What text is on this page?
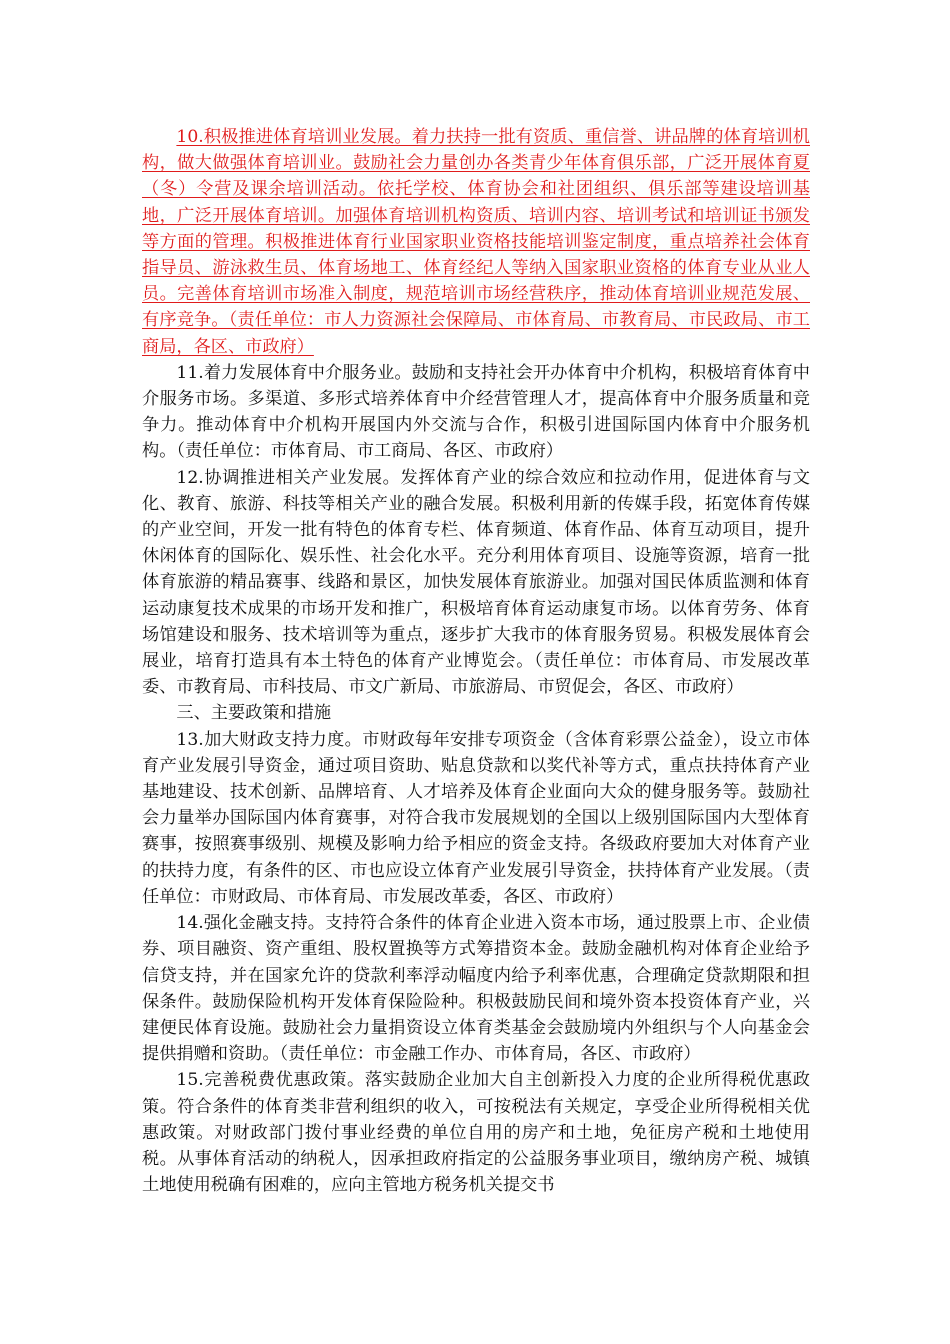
10.积极推进体育培训业发展。着力扶持一批有资质、重信誉、讲品牌的体育培训机构，做大做强体育培训业。鼓励社会力量创办各类青少年体育俱乐部，广泛开展体育夏（冬）令营及课余培训活动。依托学校、体育协会和社团组织、俱乐部等建设培训基地，广泛开展体育培训。加强体育培训机构资质、培训内容、培训考试和培训证书颁发等方面的管理。积极推进体育行业国家职业资格技能培训鉴定制度，重点培养社会体育指导员、游泳救生员、体育场地工、体育经纪人等纳入国家职业资格的体育专业从业人员。完善体育培训市场准入制度，规范培训市场经营秩序，推动体育培训业规范发展、有序竞争。（责任单位：市人力资源社会保障局、市体育局、市教育局、市民政局、市工商局，各区、市政府）

11.着力发展体育中介服务业。鼓励和支持社会开办体育中介机构，积极培育体育中介服务市场。多渠道、多形式培养体育中介经营管理人才，提高体育中介服务质量和竞争力。推动体育中介机构开展国内外交流与合作，积极引进国际国内体育中介服务机构。（责任单位：市体育局、市工商局、各区、市政府）

12.协调推进相关产业发展。发挥体育产业的综合效应和拉动作用，促进体育与文化、教育、旅游、科技等相关产业的融合发展。积极利用新的传媒手段，拓宽体育传媒的产业空间，开发一批有特色的体育专栏、体育频道、体育作品、体育互动项目，提升休闲体育的国际化、娱乐性、社会化水平。充分利用体育项目、设施等资源，培育一批体育旅游的精品赛事、线路和景区，加快发展体育旅游业。加强对国民体质监测和体育运动康复技术成果的市场开发和推广，积极培育体育运动康复市场。以体育劳务、体育场馆建设和服务、技术培训等为重点，逐步扩大我市的体育服务贸易。积极发展体育会展业，培育打造具有本土特色的体育产业博览会。（责任单位：市体育局、市发展改革委、市教育局、市科技局、市文广新局、市旅游局、市贸促会，各区、市政府）

三、主要政策和措施

13.加大财政支持力度。市财政每年安排专项资金（含体育彩票公益金），设立市体育产业发展引导资金，通过项目资助、贴息贷款和以奖代补等方式，重点扶持体育产业基地建设、技术创新、品牌培育、人才培养及体育企业面向大众的健身服务等。鼓励社会力量举办国际国内体育赛事，对符合我市发展规划的全国以上级别国际国内大型体育赛事，按照赛事级别、规模及影响力给予相应的资金支持。各级政府要加大对体育产业的扶持力度，有条件的区、市也应设立体育产业发展引导资金，扶持体育产业发展。（责任单位：市财政局、市体育局、市发展改革委，各区、市政府）

14.强化金融支持。支持符合条件的体育企业进入资本市场，通过股票上市、企业债券、项目融资、资产重组、股权置换等方式筹措资本金。鼓励金融机构对体育企业给予信贷支持，并在国家允许的贷款利率浮动幅度内给予利率优惠，合理确定贷款期限和担保条件。鼓励保险机构开发体育保险险种。积极鼓励民间和境外资本投资体育产业，兴建便民体育设施。鼓励社会力量捐资设立体育类基金会鼓励境内外组织与个人向基金会提供捐赠和资助。（责任单位：市金融工作办、市体育局，各区、市政府）

15.完善税费优惠政策。落实鼓励企业加大自主创新投入力度的企业所得税优惠政策。符合条件的体育类非营利组织的收入，可按税法有关规定，享受企业所得税相关优惠政策。对财政部门拨付事业经费的单位自用的房产和土地，免征房产税和土地使用税。从事体育活动的纳税人，因承担政府指定的公益服务事业项目，缴纳房产税、城镇土地使用税确有困难的，应向主管地方税务机关提交书
